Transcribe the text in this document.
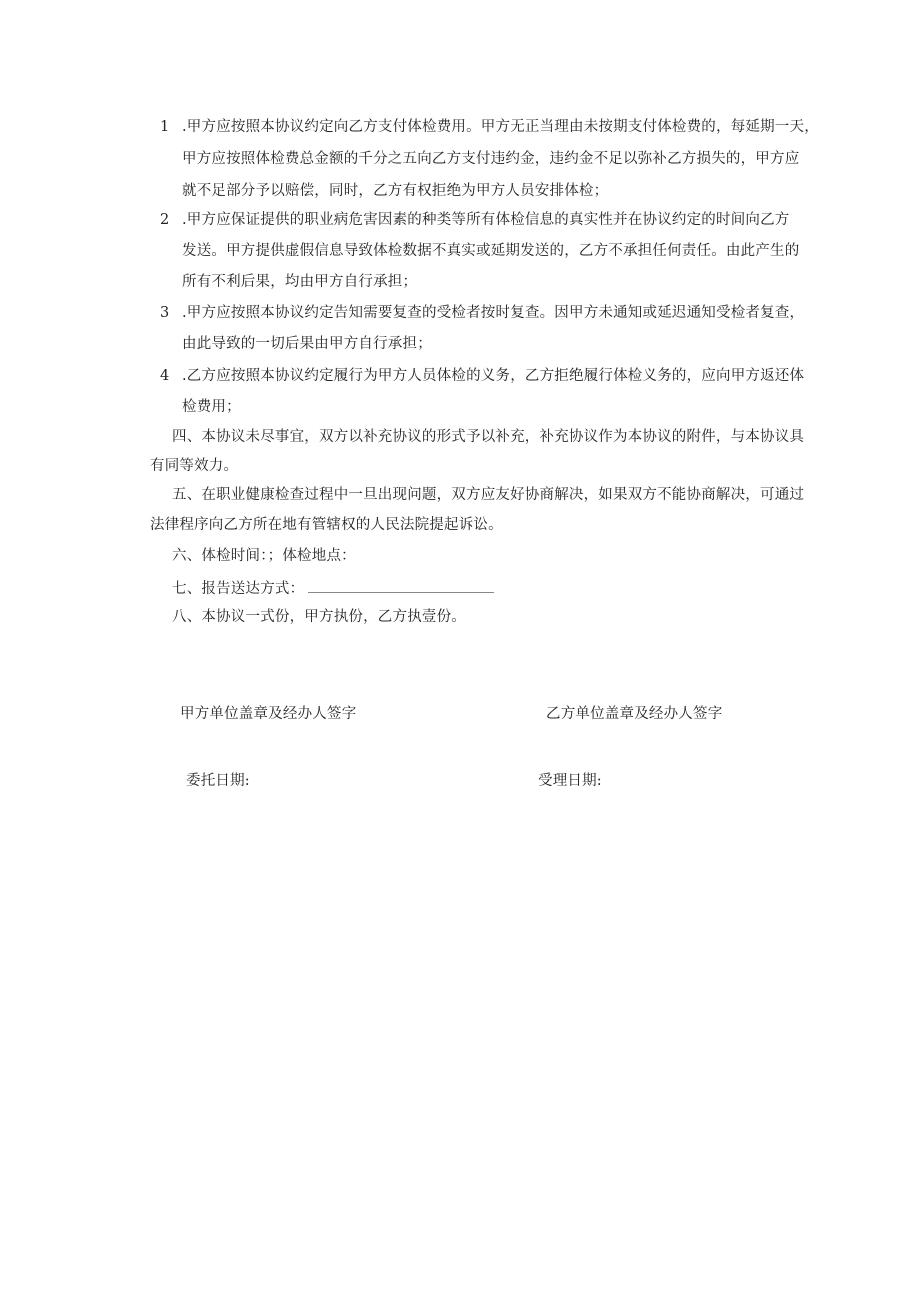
1 .甲方应按照本协议约定向乙方支付体检费用。甲方无正当理由未按期支付体检费的，每延期一天，
甲方应按照体检费总金额的千分之五向乙方支付违约金，违约金不足以弥补乙方损失的，甲方应
就不足部分予以赔偿，同时，乙方有权拒绝为甲方人员安排体检；
2 .甲方应保证提供的职业病危害因素的种类等所有体检信息的真实性并在协议约定的时间向乙方
发送。甲方提供虚假信息导致体检数据不真实或延期发送的，乙方不承担任何责任。由此产生的
所有不利后果，均由甲方自行承担；
3 .甲方应按照本协议约定告知需要复查的受检者按时复查。因甲方未通知或延迟通知受检者复查，
由此导致的一切后果由甲方自行承担；
4 .乙方应按照本协议约定履行为甲方人员体检的义务，乙方拒绝履行体检义务的，应向甲方返还体
检费用；
四、本协议未尽事宜，双方以补充协议的形式予以补充，补充协议作为本协议的附件，与本协议具
有同等效力。
五、在职业健康检查过程中一旦出现问题，双方应友好协商解决，如果双方不能协商解决，可通过
法律程序向乙方所在地有管辖权的人民法院提起诉讼。
六、体检时间：；体检地点：
七、报告送达方式：
八、本协议一式份，甲方执份，乙方执壹份。
甲方单位盖章及经办人签字	乙方单位盖章及经办人签字
委托日期:	受理日期:
